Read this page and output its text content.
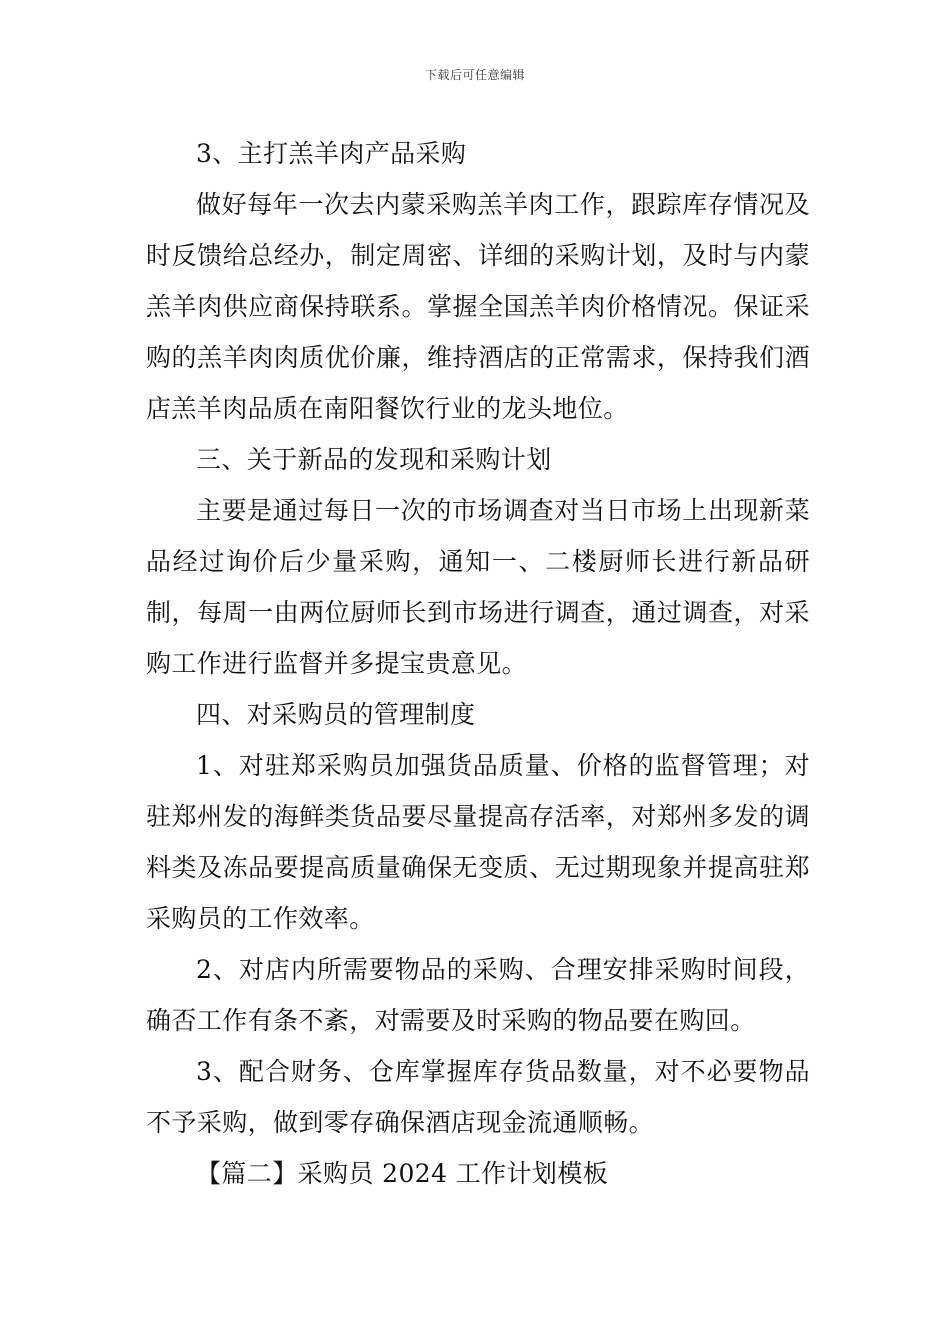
下载后可任意编辑

3、主打羔羊肉产品采购

做好每年一次去内蒙采购羔羊肉工作，跟踪库存情况及时反馈给总经办，制定周密、详细的采购计划，及时与内蒙羔羊肉供应商保持联系。掌握全国羔羊肉价格情况。保证采购的羔羊肉肉质优价廉，维持酒店的正常需求，保持我们酒店羔羊肉品质在南阳餐饮行业的龙头地位。

三、关于新品的发现和采购计划

主要是通过每日一次的市场调查对当日市场上出现新菜品经过询价后少量采购，通知一、二楼厨师长进行新品研制，每周一由两位厨师长到市场进行调查，通过调查，对采购工作进行监督并多提宝贵意见。

四、对采购员的管理制度

1、对驻郑采购员加强货品质量、价格的监督管理；对驻郑州发的海鲜类货品要尽量提高存活率，对郑州多发的调料类及冻品要提高质量确保无变质、无过期现象并提高驻郑采购员的工作效率。

2、对店内所需要物品的采购、合理安排采购时间段，确否工作有条不紊，对需要及时采购的物品要在购回。

3、配合财务、仓库掌握库存货品数量，对不必要物品不予采购，做到零存确保酒店现金流通顺畅。

【篇二】采购员 2024 工作计划模板
